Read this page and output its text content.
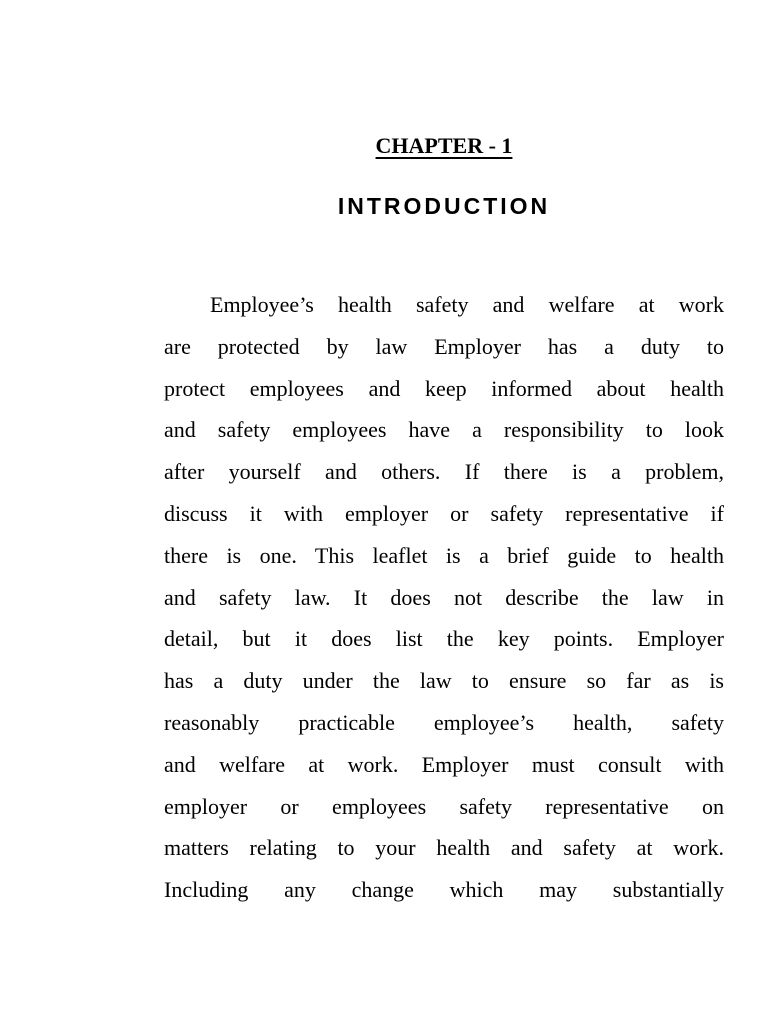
CHAPTER - 1
INTRODUCTION

Employee’s health safety and welfare at work
are protected by law Employer has a duty to
protect employees and keep informed about health
and safety employees have a responsibility to look
after yourself and others. If there is a problem,
discuss it with employer or safety representative if
there is one. This leaflet is a brief guide to health
and safety law. It does not describe the law in
detail, but it does list the key points. Employer
has a duty under the law to ensure so far as is
reasonably practicable employee’s health, safety
and welfare at work. Employer must consult with
employer or employees safety representative on
matters relating to your health and safety at work.
Including any change which may substantially
